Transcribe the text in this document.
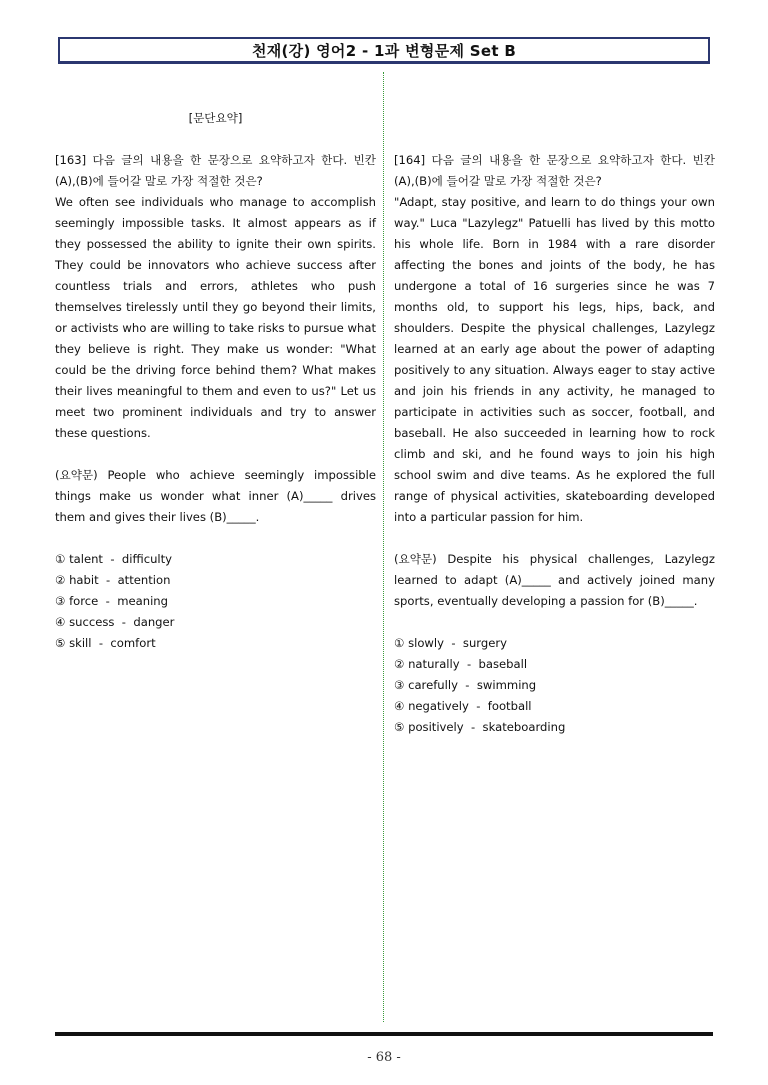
천재(강) 영어2 - 1과 변형문제 Set B
[문단요약]
[163] 다음 글의 내용을 한 문장으로 요약하고자 한다. 빈칸 (A),(B)에 들어갈 말로 가장 적절한 것은?
We often see individuals who manage to accomplish seemingly impossible tasks. It almost appears as if they possessed the ability to ignite their own spirits. They could be innovators who achieve success after countless trials and errors, athletes who push themselves tirelessly until they go beyond their limits, or activists who are willing to take risks to pursue what they believe is right. They make us wonder: "What could be the driving force behind them? What makes their lives meaningful to them and even to us?" Let us meet two prominent individuals and try to answer these questions.
(요약문) People who achieve seemingly impossible things make us wonder what inner (A)_____ drives them and gives their lives (B)_____.
① talent  -  difficulty
② habit  -  attention
③ force  -  meaning
④ success  -  danger
⑤ skill  -  comfort
[164] 다음 글의 내용을 한 문장으로 요약하고자 한다. 빈칸 (A),(B)에 들어갈 말로 가장 적절한 것은?
"Adapt, stay positive, and learn to do things your own way." Luca "Lazylegz" Patuelli has lived by this motto his whole life. Born in 1984 with a rare disorder affecting the bones and joints of the body, he has undergone a total of 16 surgeries since he was 7 months old, to support his legs, hips, back, and shoulders. Despite the physical challenges, Lazylegz learned at an early age about the power of adapting positively to any situation. Always eager to stay active and join his friends in any activity, he managed to participate in activities such as soccer, football, and baseball. He also succeeded in learning how to rock climb and ski, and he found ways to join his high school swim and dive teams. As he explored the full range of physical activities, skateboarding developed into a particular passion for him.
(요약문) Despite his physical challenges, Lazylegz learned to adapt (A)_____ and actively joined many sports, eventually developing a passion for (B)_____.
① slowly  -  surgery
② naturally  -  baseball
③ carefully  -  swimming
④ negatively  -  football
⑤ positively  -  skateboarding
- 68 -
